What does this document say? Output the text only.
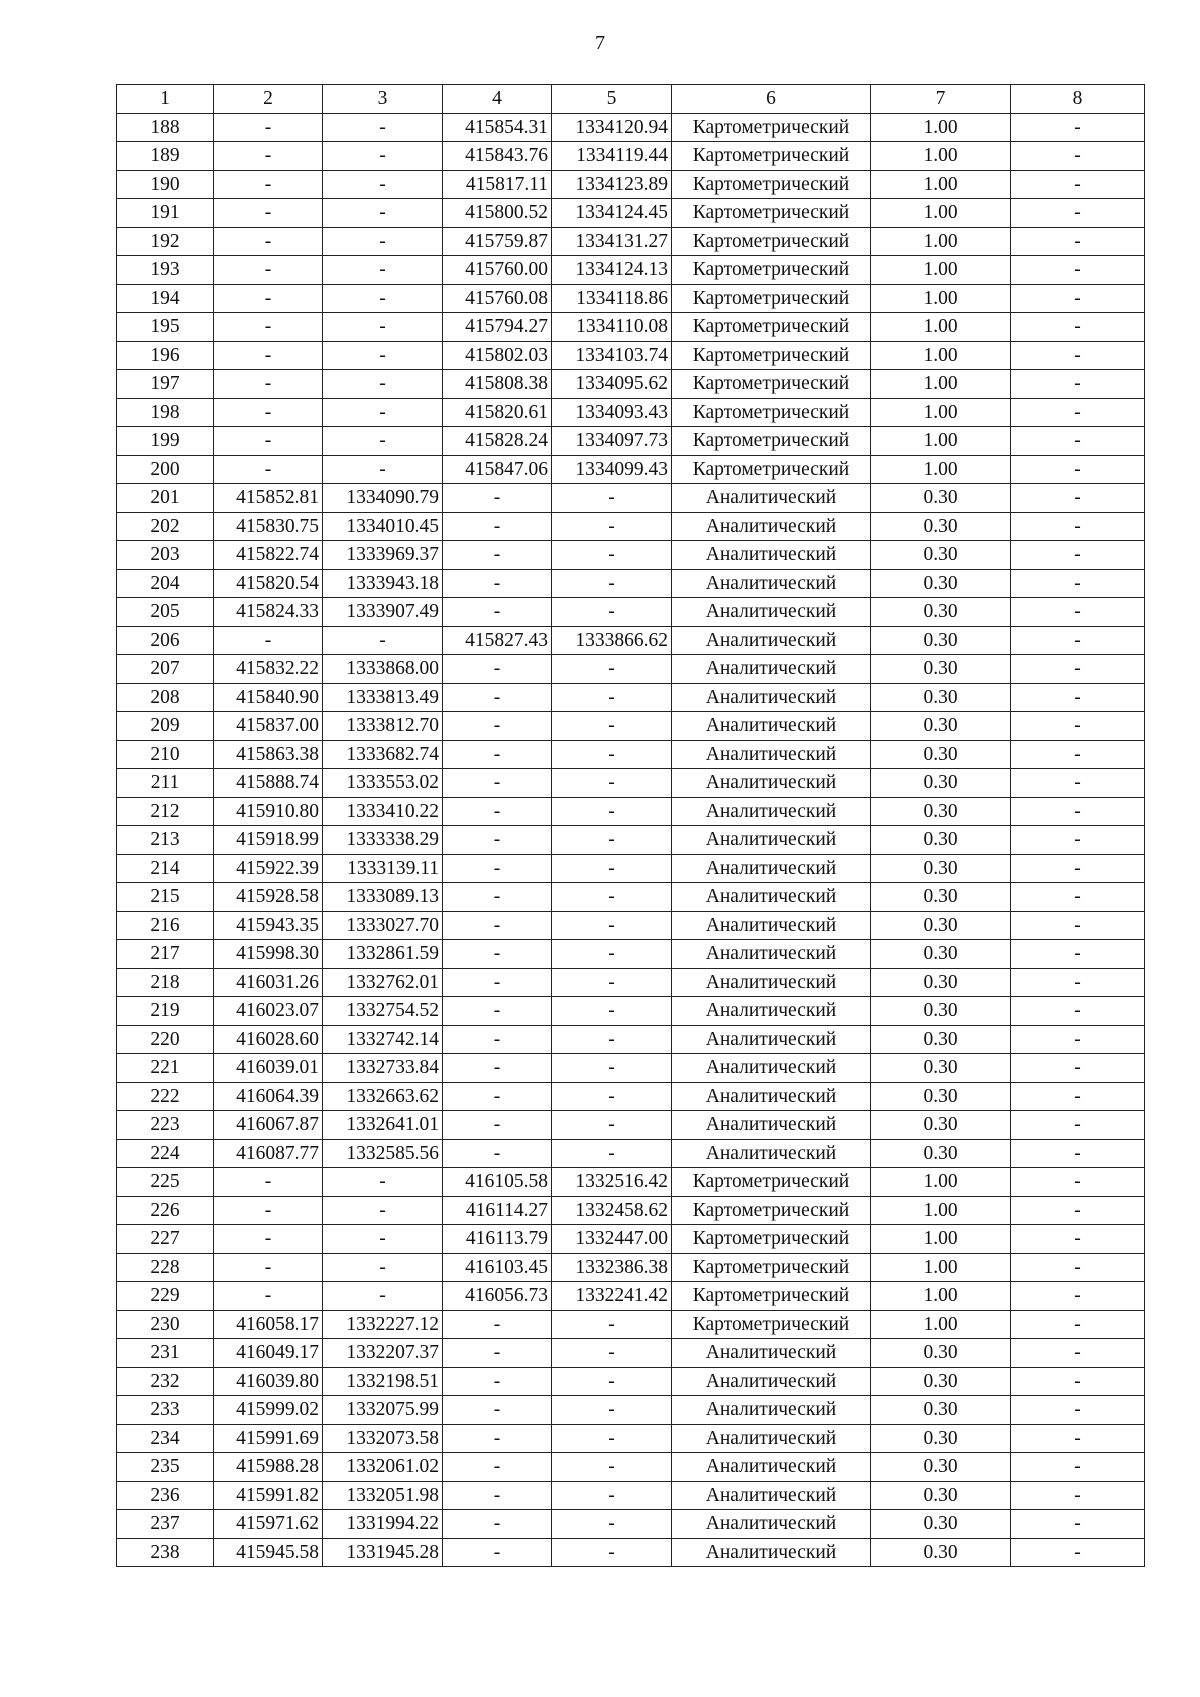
7
1	2	3	4	5	6	7	8
188	-	-	415854.31	1334120.94	Картометрический	1.00	-
189	-	-	415843.76	1334119.44	Картометрический	1.00	-
190	-	-	415817.11	1334123.89	Картометрический	1.00	-
191	-	-	415800.52	1334124.45	Картометрический	1.00	-
192	-	-	415759.87	1334131.27	Картометрический	1.00	-
193	-	-	415760.00	1334124.13	Картометрический	1.00	-
194	-	-	415760.08	1334118.86	Картометрический	1.00	-
195	-	-	415794.27	1334110.08	Картометрический	1.00	-
196	-	-	415802.03	1334103.74	Картометрический	1.00	-
197	-	-	415808.38	1334095.62	Картометрический	1.00	-
198	-	-	415820.61	1334093.43	Картометрический	1.00	-
199	-	-	415828.24	1334097.73	Картометрический	1.00	-
200	-	-	415847.06	1334099.43	Картометрический	1.00	-
201	415852.81	1334090.79	-	-	Аналитический	0.30	-
202	415830.75	1334010.45	-	-	Аналитический	0.30	-
203	415822.74	1333969.37	-	-	Аналитический	0.30	-
204	415820.54	1333943.18	-	-	Аналитический	0.30	-
205	415824.33	1333907.49	-	-	Аналитический	0.30	-
206	-	-	415827.43	1333866.62	Аналитический	0.30	-
207	415832.22	1333868.00	-	-	Аналитический	0.30	-
208	415840.90	1333813.49	-	-	Аналитический	0.30	-
209	415837.00	1333812.70	-	-	Аналитический	0.30	-
210	415863.38	1333682.74	-	-	Аналитический	0.30	-
211	415888.74	1333553.02	-	-	Аналитический	0.30	-
212	415910.80	1333410.22	-	-	Аналитический	0.30	-
213	415918.99	1333338.29	-	-	Аналитический	0.30	-
214	415922.39	1333139.11	-	-	Аналитический	0.30	-
215	415928.58	1333089.13	-	-	Аналитический	0.30	-
216	415943.35	1333027.70	-	-	Аналитический	0.30	-
217	415998.30	1332861.59	-	-	Аналитический	0.30	-
218	416031.26	1332762.01	-	-	Аналитический	0.30	-
219	416023.07	1332754.52	-	-	Аналитический	0.30	-
220	416028.60	1332742.14	-	-	Аналитический	0.30	-
221	416039.01	1332733.84	-	-	Аналитический	0.30	-
222	416064.39	1332663.62	-	-	Аналитический	0.30	-
223	416067.87	1332641.01	-	-	Аналитический	0.30	-
224	416087.77	1332585.56	-	-	Аналитический	0.30	-
225	-	-	416105.58	1332516.42	Картометрический	1.00	-
226	-	-	416114.27	1332458.62	Картометрический	1.00	-
227	-	-	416113.79	1332447.00	Картометрический	1.00	-
228	-	-	416103.45	1332386.38	Картометрический	1.00	-
229	-	-	416056.73	1332241.42	Картометрический	1.00	-
230	416058.17	1332227.12	-	-	Картометрический	1.00	-
231	416049.17	1332207.37	-	-	Аналитический	0.30	-
232	416039.80	1332198.51	-	-	Аналитический	0.30	-
233	415999.02	1332075.99	-	-	Аналитический	0.30	-
234	415991.69	1332073.58	-	-	Аналитический	0.30	-
235	415988.28	1332061.02	-	-	Аналитический	0.30	-
236	415991.82	1332051.98	-	-	Аналитический	0.30	-
237	415971.62	1331994.22	-	-	Аналитический	0.30	-
238	415945.58	1331945.28	-	-	Аналитический	0.30	-
